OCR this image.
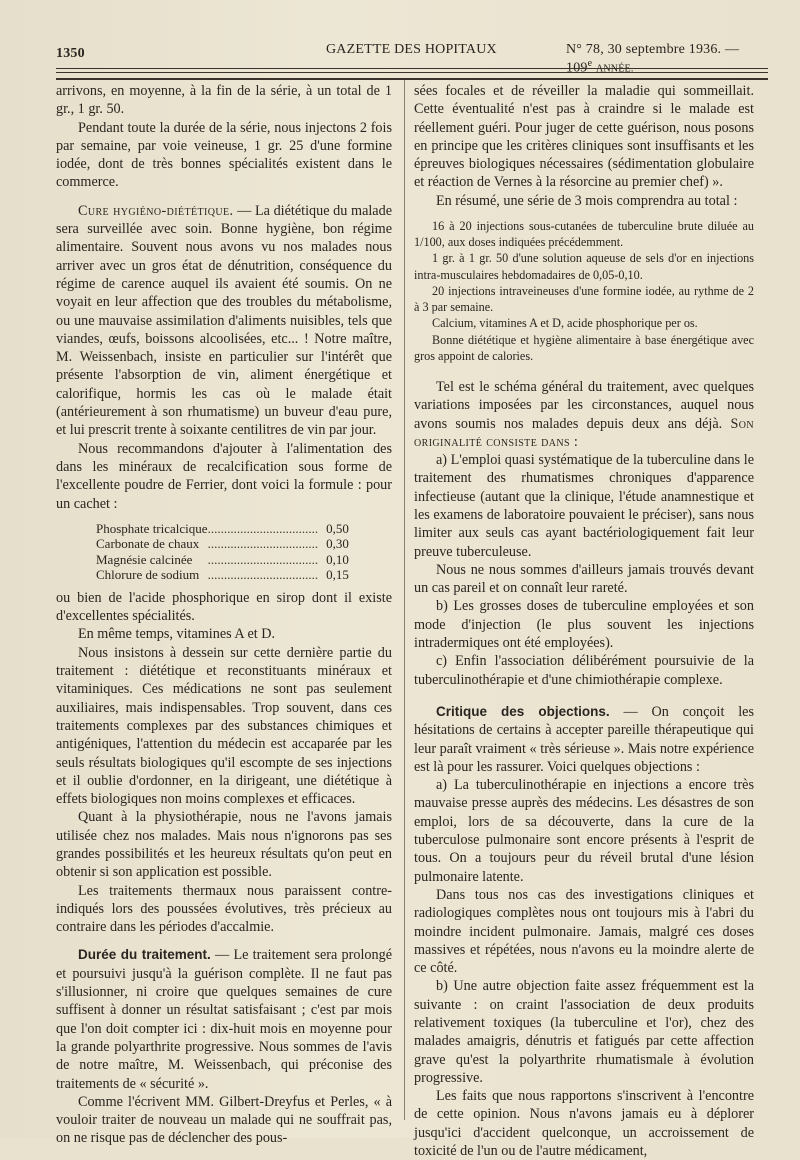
1350	GAZETTE DES HOPITAUX	N° 78, 30 septembre 1936. — 109e ANNÉE.

arrivons, en moyenne, à la fin de la série, à un total de 1 gr., 1 gr. 50.

Pendant toute la durée de la série, nous injectons 2 fois par semaine, par voie veineuse, 1 gr. 25 d'une formine iodée, dont de très bonnes spécialités existent dans le commerce.

Cure hygiéno-diététique. — La diététique du malade sera surveillée avec soin. Bonne hygiène, bon régime alimentaire. Souvent nous avons vu nos malades nous arriver avec un gros état de dénutrition, conséquence du régime de carence auquel ils avaient été soumis. On ne voyait en leur affection que des troubles du métabolisme, ou une mauvaise assimilation d'aliments nuisibles, tels que viandes, œufs, boissons alcoolisées, etc... ! Notre maître, M. Weissenbach, insiste en particulier sur l'intérêt que présente l'absorption de vin, aliment énergétique et calorifique, hormis les cas où le malade était (antérieurement à son rhumatisme) un buveur d'eau pure, et lui prescrit trente à soixante centilitres de vin par jour.

Nous recommandons d'ajouter à l'alimentation des dans les minéraux de recalcification sous forme de l'excellente poudre de Ferrier, dont voici la formule : pour un cachet :

Phosphate tricalcique	..................................	0,50
Carbonate de chaux	..................................	0,30
Magnésie calcinée	..................................	0,10
Chlorure de sodium	..................................	0,15

ou bien de l'acide phosphorique en sirop dont il existe d'excellentes spécialités.

En même temps, vitamines A et D.

Nous insistons à dessein sur cette dernière partie du traitement : diététique et reconstituants minéraux et vitaminiques. Ces médications ne sont pas seulement auxiliaires, mais indispensables. Trop souvent, dans ces traitements complexes par des substances chimiques et antigéniques, l'attention du médecin est accaparée par les seuls résultats biologiques qu'il escompte de ses injections et il oublie d'ordonner, en la dirigeant, une diététique à effets biologiques non moins complexes et efficaces.

Quant à la physiothérapie, nous ne l'avons jamais utilisée chez nos malades. Mais nous n'ignorons pas ses grandes possibilités et les heureux résultats qu'on peut en obtenir si son application est possible.

Les traitements thermaux nous paraissent contre-indiqués lors des poussées évolutives, très précieux au contraire dans les périodes d'accalmie.

Durée du traitement. — Le traitement sera prolongé et poursuivi jusqu'à la guérison complète. Il ne faut pas s'illusionner, ni croire que quelques semaines de cure suffisent à donner un résultat satisfaisant ; c'est par mois que l'on doit compter ici : dix-huit mois en moyenne pour la grande polyarthrite progressive. Nous sommes de l'avis de notre maître, M. Weissenbach, qui préconise des traitements de « sécurité ».

Comme l'écrivent MM. Gilbert-Dreyfus et Perles, « à vouloir traiter de nouveau un malade qui ne souffrait pas, on ne risque pas de déclencher des pous-

sées focales et de réveiller la maladie qui sommeillait. Cette éventualité n'est pas à craindre si le malade est réellement guéri. Pour juger de cette guérison, nous posons en principe que les critères cliniques sont insuffisants et les épreuves biologiques nécessaires (sédimentation globulaire et réaction de Vernes à la résorcine au premier chef) ».

En résumé, une série de 3 mois comprendra au total :

16 à 20 injections sous-cutanées de tuberculine brute diluée au 1/100, aux doses indiquées précédemment.

1 gr. à 1 gr. 50 d'une solution aqueuse de sels d'or en injections intra-musculaires hebdomadaires de 0,05-0,10.

20 injections intraveineuses d'une formine iodée, au rythme de 2 à 3 par semaine.

Calcium, vitamines A et D, acide phosphorique per os.

Bonne diététique et hygiène alimentaire à base énergétique avec gros appoint de calories.

Tel est le schéma général du traitement, avec quelques variations imposées par les circonstances, auquel nous avons soumis nos malades depuis deux ans déjà. Son originalité consiste dans :

a) L'emploi quasi systématique de la tuberculine dans le traitement des rhumatismes chroniques d'apparence infectieuse (autant que la clinique, l'étude anamnestique et les examens de laboratoire pouvaient le préciser), sans nous limiter aux seuls cas ayant bactériologiquement fait leur preuve tuberculeuse.

Nous ne nous sommes d'ailleurs jamais trouvés devant un cas pareil et on connaît leur rareté.

b) Les grosses doses de tuberculine employées et son mode d'injection (le plus souvent les injections intradermiques ont été employées).

c) Enfin l'association délibérément poursuivie de la tuberculinothérapie et d'une chimiothérapie complexe.

Critique des objections. — On conçoit les hésitations de certains à accepter pareille thérapeutique qui leur paraît vraiment « très sérieuse ». Mais notre expérience est là pour les rassurer. Voici quelques objections :

a) La tuberculinothérapie en injections a encore très mauvaise presse auprès des médecins. Les désastres de son emploi, lors de sa découverte, dans la cure de la tuberculose pulmonaire sont encore présents à l'esprit de tous. On a toujours peur du réveil brutal d'une lésion pulmonaire latente.

Dans tous nos cas des investigations cliniques et radiologiques complètes nous ont toujours mis à l'abri du moindre incident pulmonaire. Jamais, malgré ces doses massives et répétées, nous n'avons eu la moindre alerte de ce côté.

b) Une autre objection faite assez fréquemment est la suivante : on craint l'association de deux produits relativement toxiques (la tuberculine et l'or), chez des malades amaigris, dénutris et fatigués par cette affection grave qu'est la polyarthrite rhumatismale à évolution progressive.

Les faits que nous rapportons s'inscrivent à l'encontre de cette opinion. Nous n'avons jamais eu à déplorer jusqu'ici d'accident quelconque, un accroissement de toxicité de l'un ou de l'autre médicament,
